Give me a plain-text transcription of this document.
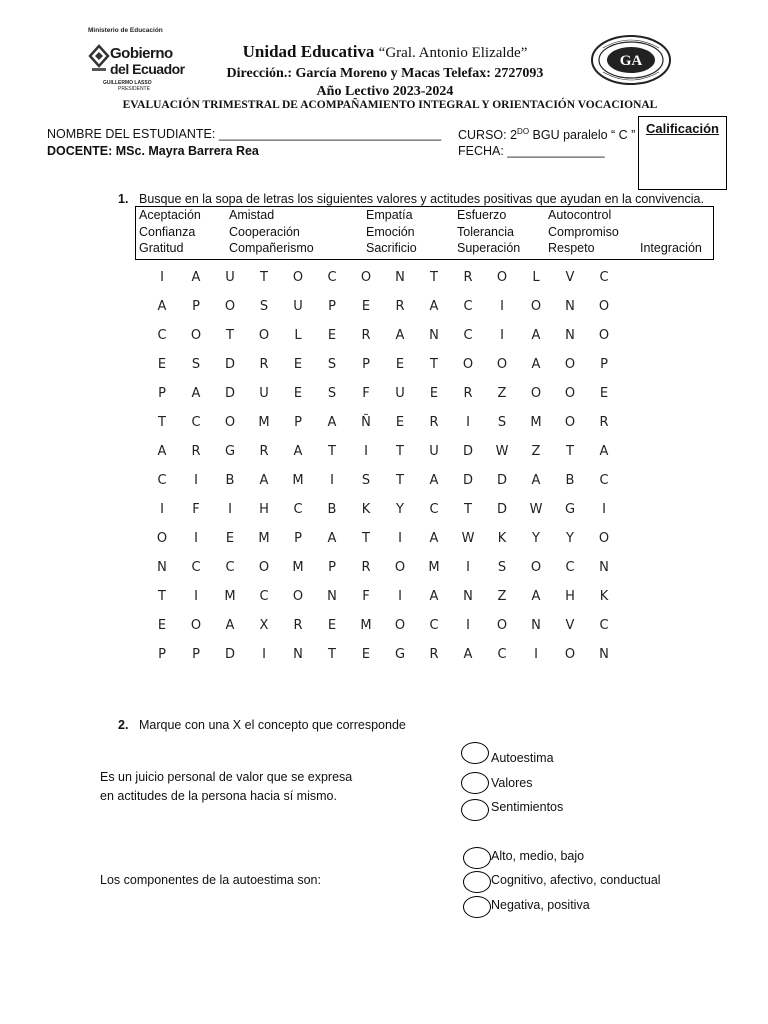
Ministerio de Educación
Gobierno
del Ecuador
GUILLERMO LASSO
PRESIDENTE
Unidad Educativa “Gral. Antonio Elizalde”
Dirección.: García Moreno y Macas Telefax: 2727093
Año Lectivo 2023-2024
EVALUACIÓN TRIMESTRAL DE ACOMPAÑAMIENTO INTEGRAL Y ORIENTACIÓN VOCACIONAL
GA
NOMBRE DEL ESTUDIANTE: ________________________________
DOCENTE: MSc. Mayra Barrera Rea
CURSO: $2^{DO}$ BGU paralelo “ C ”
FECHA: ______________
Calificación
1. Busque en la sopa de letras los siguientes valores y actitudes positivas que ayudan en la convivencia.
Aceptación Amistad	Empatía	Esfuerzo	Autocontrol
Confianza	Cooperación	Emoción	Tolerancia	Compromiso
Gratitud	Compañerismo	Sacrificio	Superación Respeto	Integración
I	A	U	T	O	C	O	N	T	R	O	L	V	C
A	P	O	S	U	P	E	R	A	C	I	O	N	O
C	O	T	O	L	E	R	A	N	C	I	A	N	O
E	S	D	R	E	S	P	E	T	O	O	A	O	P
P	A	D	U	E	S	F	U	E	R	Z	O	O	E
T	C	O	M	P	A	Ñ	E	R	I	S	M	O	R
A	R	G	R	A	T	I	T	U	D	W	Z	T	A
C	I	B	A	M	I	S	T	A	D	D	A	B	C
I	F	I	H	C	B	K	Y	C	T	D	W	G	I
O	I	E	M	P	A	T	I	A	W	K	Y	Y	O
N	C	C	O	M	P	R	O	M	I	S	O	C	N
T	I	M	C	O	N	F	I	A	N	Z	A	H	K
E	O	A	X	R	E	M	O	C	I	O	N	V	C
P	P	D	I	N	T	E	G	R	A	C	I	O	N
2. Marque con una X el concepto que corresponde
Es un juicio personal de valor que se expresa
en actitudes de la persona hacia sí mismo.
Autoestima
Valores
Sentimientos
Los componentes de la autoestima son:
Alto, medio, bajo
Cognitivo, afectivo, conductual
Negativa, positiva
